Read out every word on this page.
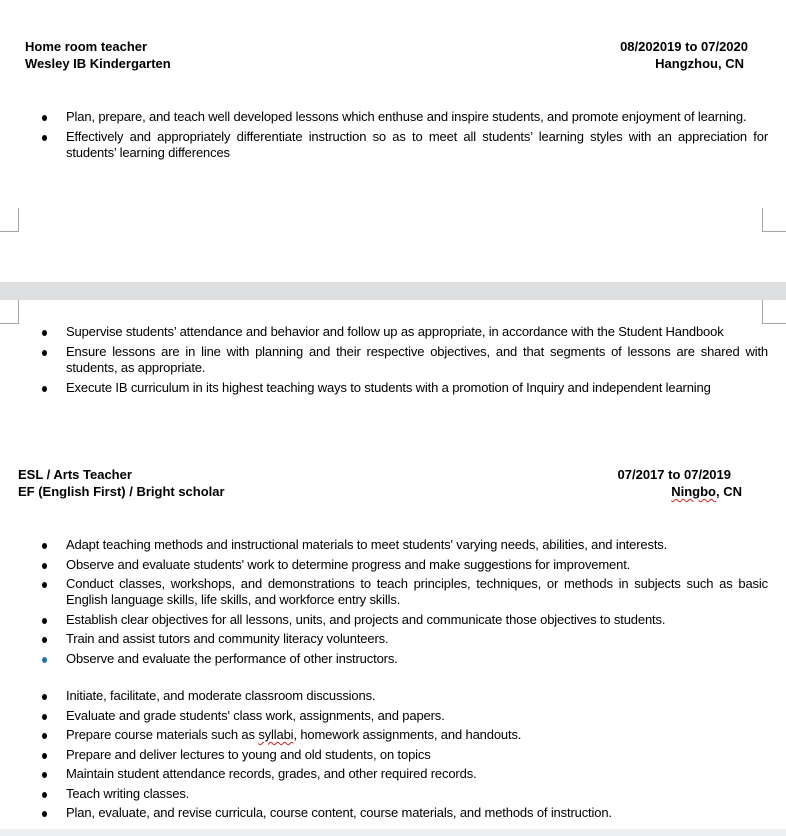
Home room teacher	08/202019 to 07/2020
Wesley IB Kindergarten	Hangzhou, CN
Plan, prepare, and teach well developed lessons which enthuse and inspire students, and promote enjoyment of learning.
Effectively and appropriately differentiate instruction so as to meet all students’ learning styles with an appreciation for students’ learning differences
Supervise students’ attendance and behavior and follow up as appropriate, in accordance with the Student Handbook
Ensure lessons are in line with planning and their respective objectives, and that segments of lessons are shared with students, as appropriate.
Execute IB curriculum in its highest teaching ways to students with a promotion of Inquiry and independent learning
ESL / Arts Teacher	07/2017 to 07/2019
EF (English First) / Bright scholar	Ningbo, CN
Adapt teaching methods and instructional materials to meet students' varying needs, abilities, and interests.
Observe and evaluate students' work to determine progress and make suggestions for improvement.
Conduct classes, workshops, and demonstrations to teach principles, techniques, or methods in subjects such as basic English language skills, life skills, and workforce entry skills.
Establish clear objectives for all lessons, units, and projects and communicate those objectives to students.
Train and assist tutors and community literacy volunteers.
Observe and evaluate the performance of other instructors.
Initiate, facilitate, and moderate classroom discussions.
Evaluate and grade students' class work, assignments, and papers.
Prepare course materials such as syllabi, homework assignments, and handouts.
Prepare and deliver lectures to young and old students, on topics
Maintain student attendance records, grades, and other required records.
Teach writing classes.
Plan, evaluate, and revise curricula, course content, course materials, and methods of instruction.
